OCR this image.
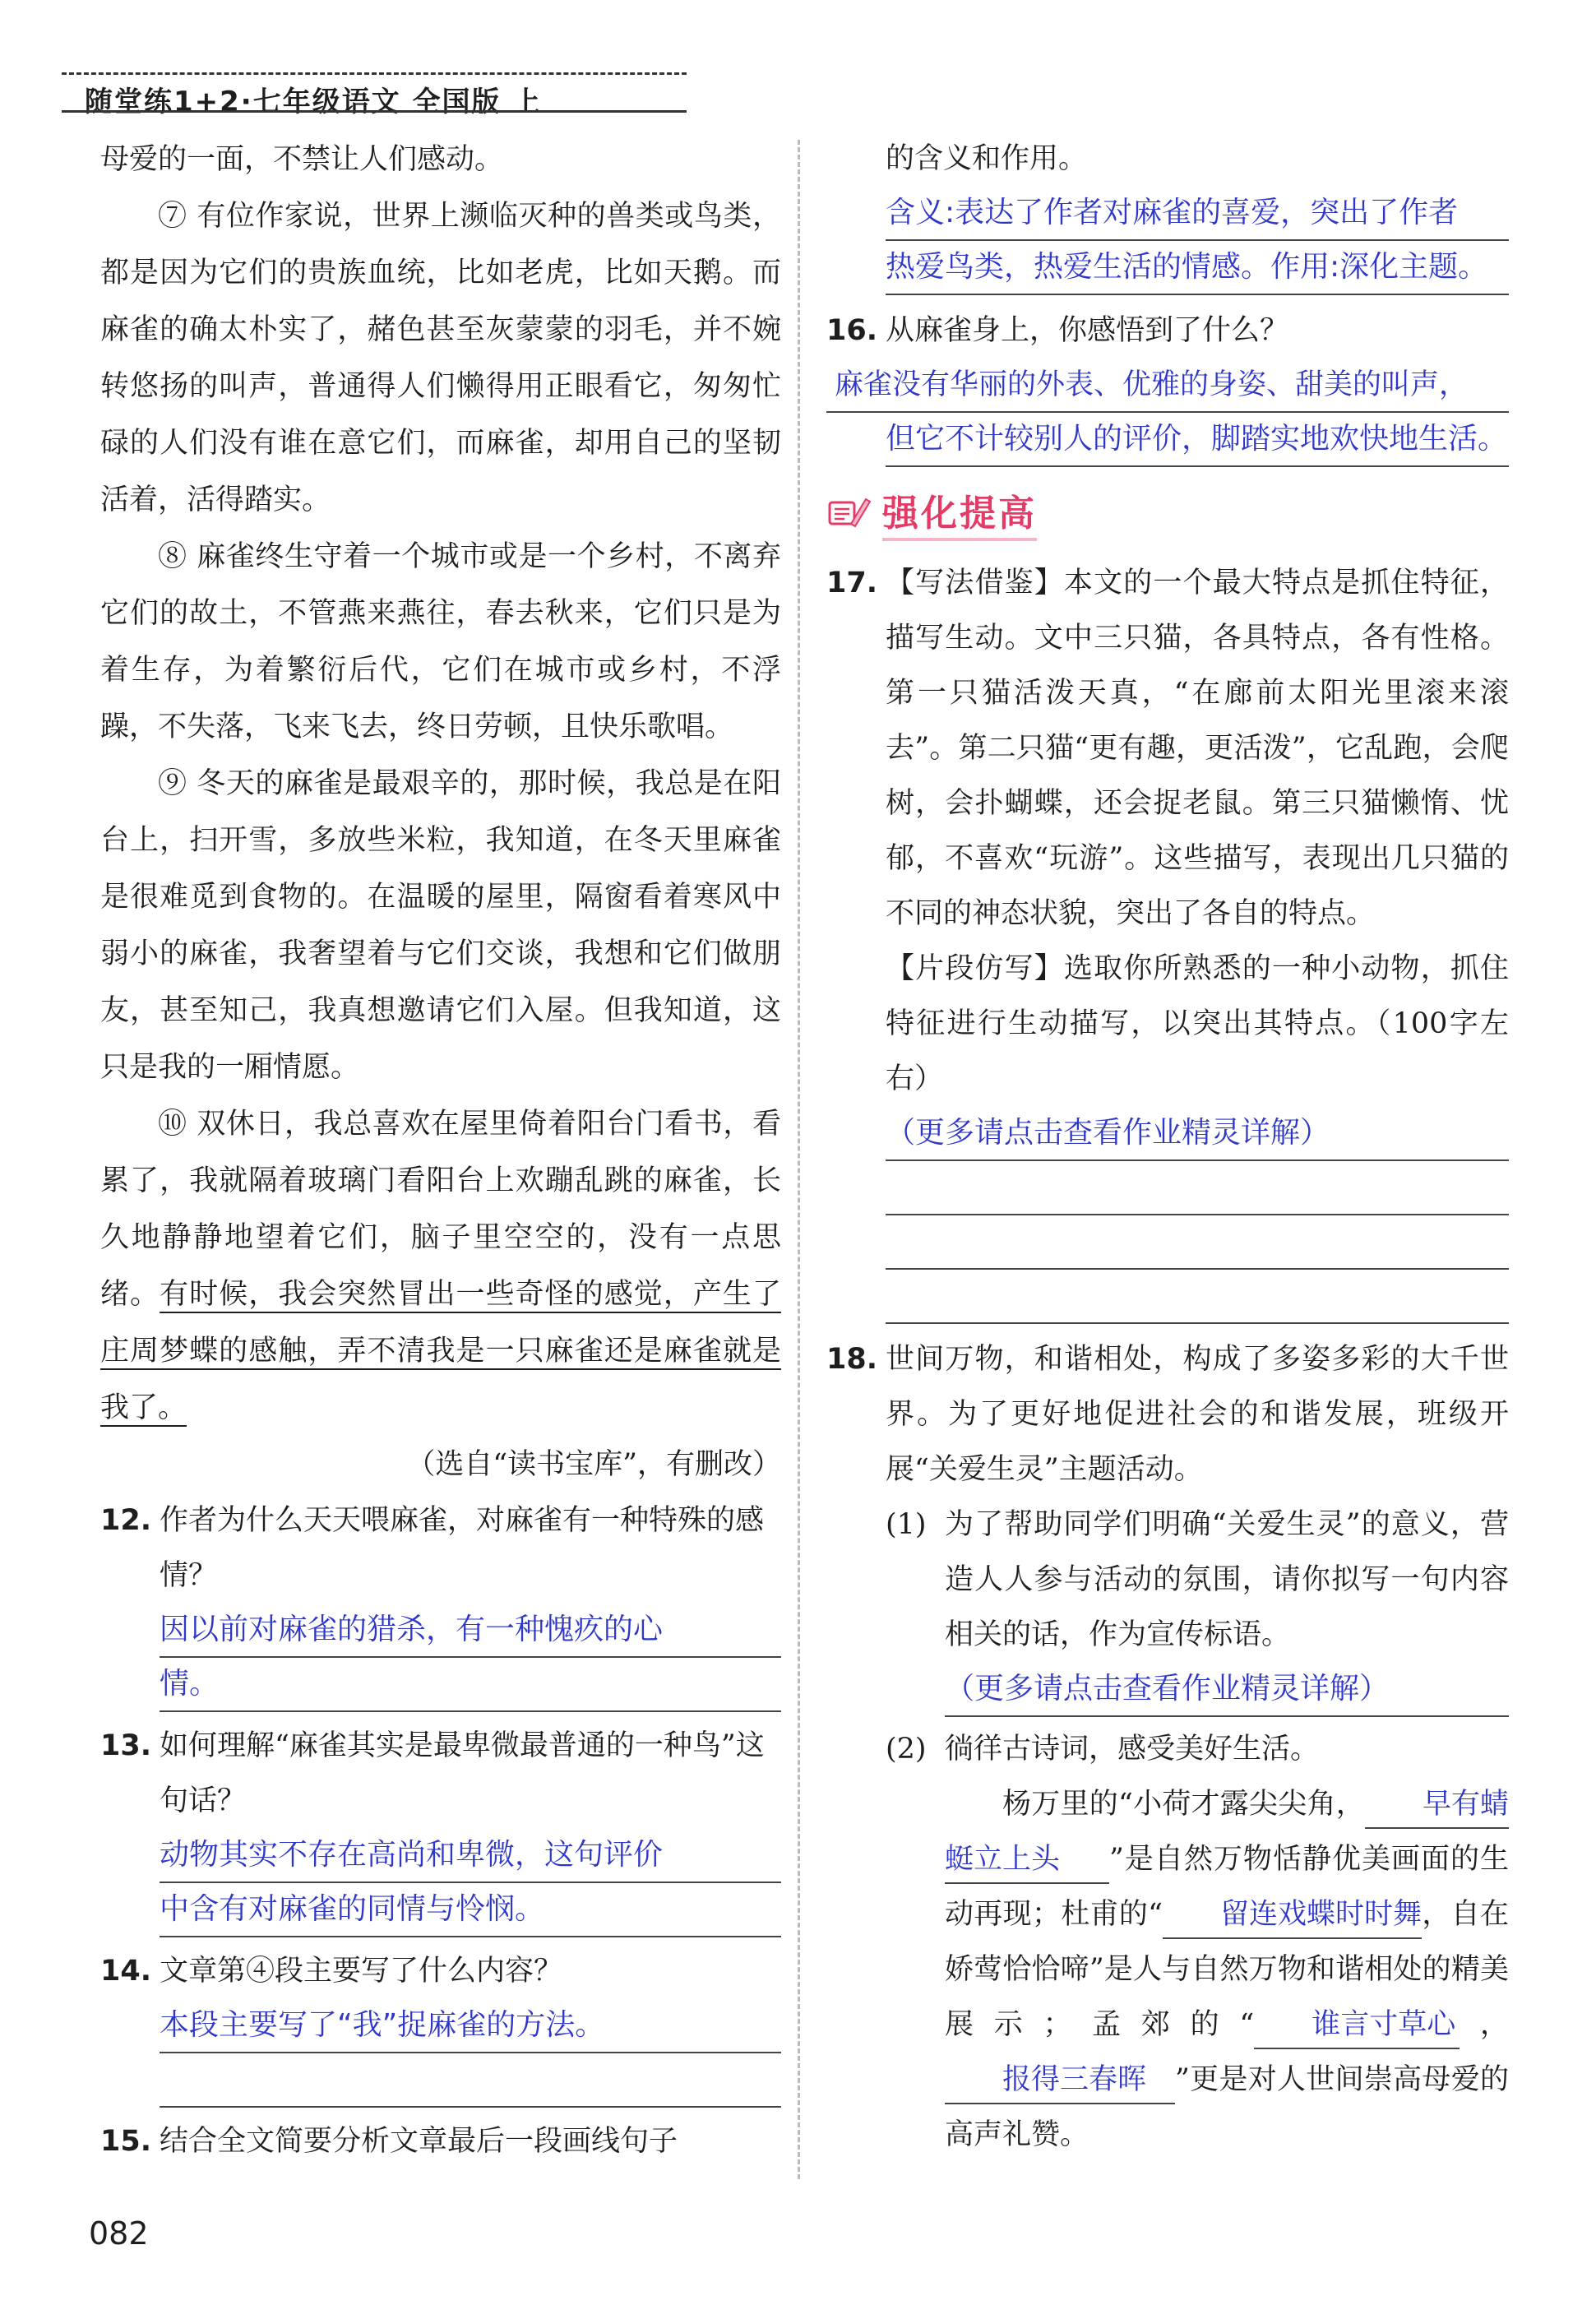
随堂练1+2·七年级语文 全国版 上

母爱的一面，不禁让人们感动。

⑦ 有位作家说，世界上濒临灭种的兽类或鸟类，都是因为它们的贵族血统，比如老虎，比如天鹅。而麻雀的确太朴实了，赭色甚至灰蒙蒙的羽毛，并不婉转悠扬的叫声，普通得人们懒得用正眼看它，匆匆忙碌的人们没有谁在意它们，而麻雀，却用自己的坚韧活着，活得踏实。

⑧ 麻雀终生守着一个城市或是一个乡村，不离弃它们的故土，不管燕来燕往，春去秋来，它们只是为着生存，为着繁衍后代，它们在城市或乡村，不浮躁，不失落，飞来飞去，终日劳顿，且快乐歌唱。

⑨ 冬天的麻雀是最艰辛的，那时候，我总是在阳台上，扫开雪，多放些米粒，我知道，在冬天里麻雀是很难觅到食物的。在温暖的屋里，隔窗看着寒风中弱小的麻雀，我奢望着与它们交谈，我想和它们做朋友，甚至知己，我真想邀请它们入屋。但我知道，这只是我的一厢情愿。

⑩ 双休日，我总喜欢在屋里倚着阳台门看书，看累了，我就隔着玻璃门看阳台上欢蹦乱跳的麻雀，长久地静静地望着它们，脑子里空空的，没有一点思绪。有时候，我会突然冒出一些奇怪的感觉，产生了庄周梦蝶的感触，弄不清我是一只麻雀还是麻雀就是我了。

（选自“读书宝库”，有删改）
12. 作者为什么天天喂麻雀，对麻雀有一种特殊的感情？
因以前对麻雀的猎杀，有一种愧疚的心
情。
13. 如何理解“麻雀其实是最卑微最普通的一种鸟”这句话？
动物其实不存在高尚和卑微，这句评价
中含有对麻雀的同情与怜悯。
14. 文章第④段主要写了什么内容？
本段主要写了“我”捉麻雀的方法。
15. 结合全文简要分析文章最后一段画线句子
的含义和作用。
含义:表达了作者对麻雀的喜爱，突出了作者
热爱鸟类，热爱生活的情感。作用:深化主题。
16. 从麻雀身上，你感悟到了什么？
麻雀没有华丽的外表、优雅的身姿、甜美的叫声，
但它不计较别人的评价，脚踏实地欢快地生活。
强化提高
17. 【写法借鉴】本文的一个最大特点是抓住特征，描写生动。文中三只猫，各具特点，各有性格。第一只猫活泼天真，“在廊前太阳光里滚来滚去”。第二只猫“更有趣，更活泼”，它乱跑，会爬树，会扑蝴蝶，还会捉老鼠。第三只猫懒惰、忧郁，不喜欢“玩游”。这些描写，表现出几只猫的不同的神态状貌，突出了各自的特点。
【片段仿写】选取你所熟悉的一种小动物，抓住特征进行生动描写，以突出其特点。（100字左右）
（更多请点击查看作业精灵详解）
18. 世间万物，和谐相处，构成了多姿多彩的大千世界。为了更好地促进社会的和谐发展，班级开展“关爱生灵”主题活动。
(1) 为了帮助同学们明确“关爱生灵”的意义，营造人人参与活动的氛围，请你拟写一句内容相关的话，作为宣传标语。
（更多请点击查看作业精灵详解）
(2) 徜徉古诗词，感受美好生活。
杨万里的“小荷才露尖尖角， 早有蜻 蜓立上头 ”是自然万物恬静优美画面的生动再现；杜甫的“ 留连戏蝶时时舞，自在娇莺恰恰啼”是人与自然万物和谐相处的精美展示；孟郊的“ 谁言寸草心 ，报得三春晖 ”更是对人世间崇高母爱的高声礼赞。
082
